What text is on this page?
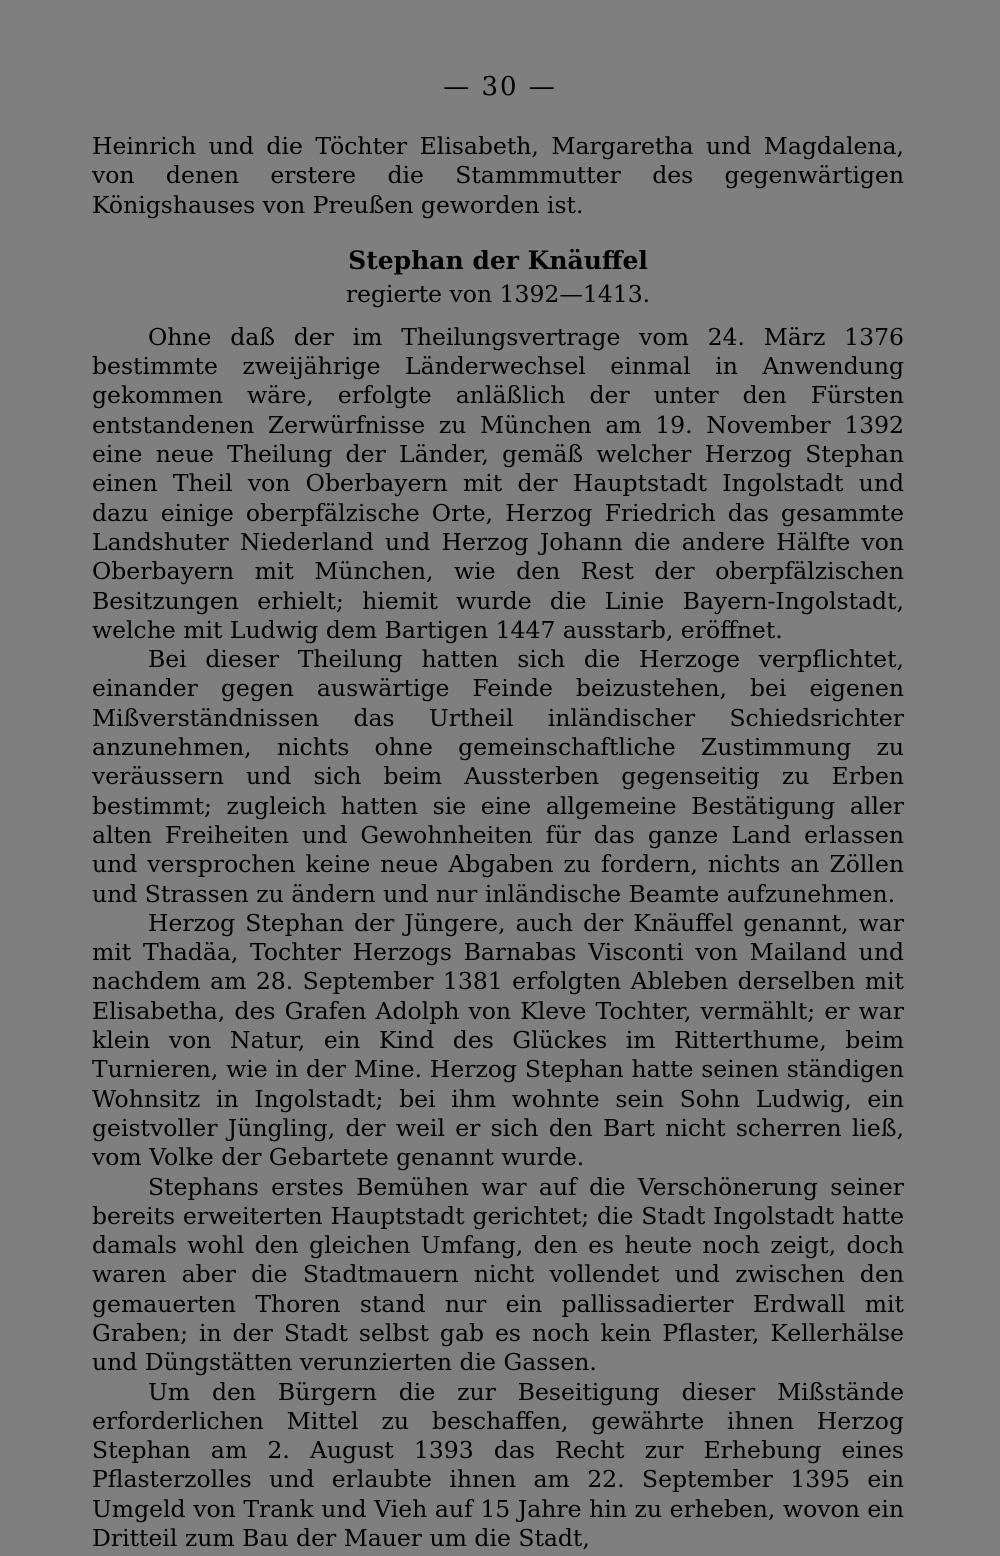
— 30 —

Heinrich und die Töchter Elisabeth, Margaretha und Magdalena, von denen erstere die Stammmutter des gegenwärtigen Königshauses von Preußen geworden ist.

Stephan der Knäuffel
regierte von 1392—1413.

Ohne daß der im Theilungsvertrage vom 24. März 1376 bestimmte zweijährige Länderwechsel einmal in Anwendung gekommen wäre, erfolgte anläßlich der unter den Fürsten entstandenen Zerwürfnisse zu München am 19. November 1392 eine neue Theilung der Länder, gemäß welcher Herzog Stephan einen Theil von Oberbayern mit der Hauptstadt Ingolstadt und dazu einige oberpfälzische Orte, Herzog Friedrich das gesammte Landshuter Niederland und Herzog Johann die andere Hälfte von Oberbayern mit München, wie den Rest der oberpfälzischen Besitzungen erhielt; hiemit wurde die Linie Bayern-Ingolstadt, welche mit Ludwig dem Bartigen 1447 ausstarb, eröffnet.

Bei dieser Theilung hatten sich die Herzoge verpflichtet, einander gegen auswärtige Feinde beizustehen, bei eigenen Mißverständnissen das Urtheil inländischer Schiedsrichter anzunehmen, nichts ohne gemeinschaftliche Zustimmung zu veräussern und sich beim Aussterben gegenseitig zu Erben bestimmt; zugleich hatten sie eine allgemeine Bestätigung aller alten Freiheiten und Gewohnheiten für das ganze Land erlassen und versprochen keine neue Abgaben zu fordern, nichts an Zöllen und Strassen zu ändern und nur inländische Beamte aufzunehmen.

Herzog Stephan der Jüngere, auch der Knäuffel genannt, war mit Thadäa, Tochter Herzogs Barnabas Visconti von Mailand und nachdem am 28. September 1381 erfolgten Ableben derselben mit Elisabetha, des Grafen Adolph von Kleve Tochter, vermählt; er war klein von Natur, ein Kind des Glückes im Ritterthume, beim Turnieren, wie in der Mine. Herzog Stephan hatte seinen ständigen Wohnsitz in Ingolstadt; bei ihm wohnte sein Sohn Ludwig, ein geistvoller Jüngling, der weil er sich den Bart nicht scherren ließ, vom Volke der Gebartete genannt wurde.

Stephans erstes Bemühen war auf die Verschönerung seiner bereits erweiterten Hauptstadt gerichtet; die Stadt Ingolstadt hatte damals wohl den gleichen Umfang, den es heute noch zeigt, doch waren aber die Stadtmauern nicht vollendet und zwischen den gemauerten Thoren stand nur ein pallissadierter Erdwall mit Graben; in der Stadt selbst gab es noch kein Pflaster, Kellerhälse und Düngstätten verunzierten die Gassen.

Um den Bürgern die zur Beseitigung dieser Mißstände erforderlichen Mittel zu beschaffen, gewährte ihnen Herzog Stephan am 2. August 1393 das Recht zur Erhebung eines Pflasterzolles und erlaubte ihnen am 22. September 1395 ein Umgeld von Trank und Vieh auf 15 Jahre hin zu erheben, wovon ein Dritteil zum Bau der Mauer um die Stadt,
